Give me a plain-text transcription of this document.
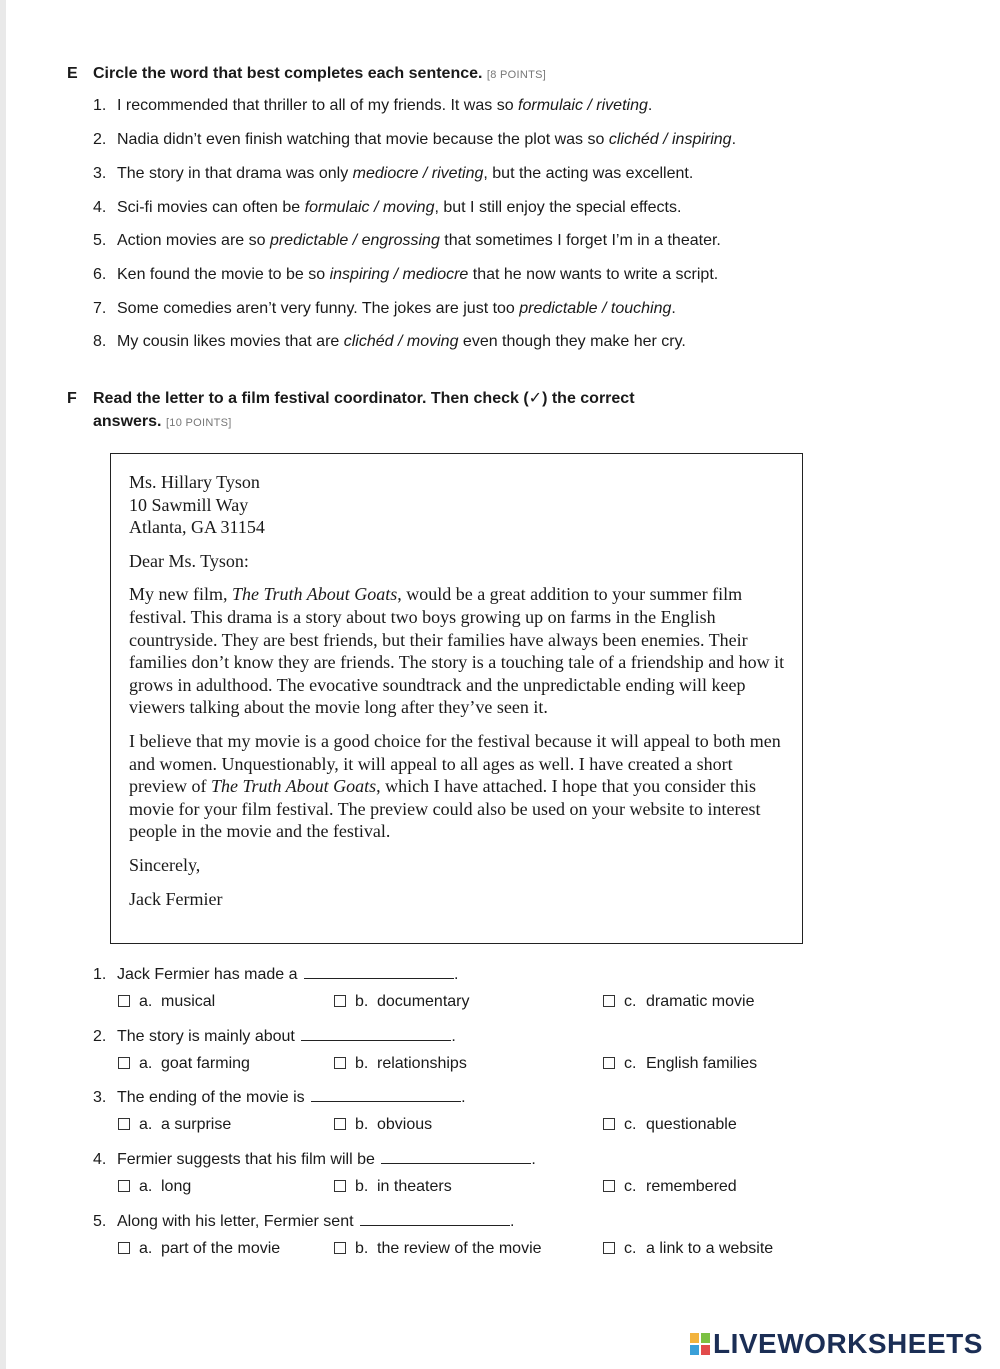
E Circle the word that best completes each sentence. [8 POINTS]
1. I recommended that thriller to all of my friends. It was so formulaic / riveting.
2. Nadia didn’t even finish watching that movie because the plot was so clichéd / inspiring.
3. The story in that drama was only mediocre / riveting, but the acting was excellent.
4. Sci-fi movies can often be formulaic / moving, but I still enjoy the special effects.
5. Action movies are so predictable / engrossing that sometimes I forget I’m in a theater.
6. Ken found the movie to be so inspiring / mediocre that he now wants to write a script.
7. Some comedies aren’t very funny. The jokes are just too predictable / touching.
8. My cousin likes movies that are clichéd / moving even though they make her cry.
F Read the letter to a film festival coordinator. Then check (✓) the correct
answers. [10 POINTS]

Ms. Hillary Tyson

10 Sawmill Way

Atlanta, GA 31154

Dear Ms. Tyson:

My new film, The Truth About Goats, would be a great addition to your summer film festival. This drama is a story about two boys growing up on farms in the English countryside. They are best friends, but their families have always been enemies. Their families don’t know they are friends. The story is a touching tale of a friendship and how it grows in adulthood. The evocative soundtrack and the unpredictable ending will keep viewers talking about the movie long after they’ve seen it.

I believe that my movie is a good choice for the festival because it will appeal to both men and women. Unquestionably, it will appeal to all ages as well. I have created a short preview of The Truth About Goats, which I have attached. I hope that you consider this movie for your film festival. The preview could also be used on your website to interest people in the movie and the festival.

Sincerely,

Jack Fermier

1. Jack Fermier has made a	.
a. musical	b. documentary	c. dramatic movie
2. The story is mainly about	.
a. goat farming	b. relationships	c. English families
3. The ending of the movie is	.
a. a surprise	b. obvious	c. questionable
4. Fermier suggests that his film will be	.
a. long	b. in theaters	c. remembered
5. Along with his letter, Fermier sent	.
a. part of the movie	b. the review of the movie	c. a link to a website
LIVEWORKSHEETS
